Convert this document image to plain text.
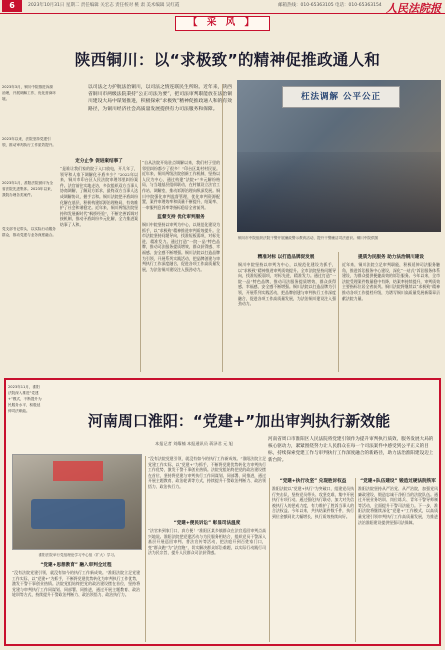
6	2023年10月31日 星期二 责任编辑 关宏志 责任校对 桃 肃 美术编辑 吴红霞	邮箱热线：010-65363105 电话：010-65363154 人民法院报
【 采 风 】
2023年3月，铜川中院推进诉源治理，开展调解工作，优化营商环境。
2023年以来，法院坚持党建引领，推动审判执行工作质效提升。
2023年1月，淮阳法院被评为全省法院先进集体。2023年以来，我院办理各类案件。
党支部书记带头，以实际行动服务群众，推动党建与业务深度融合。
陕西铜川：以“求极致”的精神促推政通人和
以司法之力护航法治铜川，以司法之情连联民生所盼。近年来，陕西省铜川市两级法院秉持“公正司法为要”，把司法审判职能放在法治铜川建设大局中谋划推进，积极探索“求极致”精神促推政通人和的有效路径，为铜川经济社会高质量发展提供有力司法服务和保障。
枉法调解 公平公正
铜川市中院组织法院干警开展廉政警示教育活动，提升干警廉洁司法意识。铜川中院供图
定分止争 促进案结事了
“是谁让我们家的院子入口放电，开几年了，领导和人家下调解化矛盾多少？”2022年以来，铜川市印台区人民法院审理邻里纠纷案件。法官前往实地走访，多次组织双方当事人协商调解，了解双方诉求，最终双方当事人达成调解协议，握手言和。铜川法院把矛盾纠纷化解在基层，积极构建诉源治理格局，有效维护了社会和谐稳定。近年来，铜川两级法院坚持和发展新时代“枫桥经验”，不断完善诉调对接机制，推动矛盾纠纷多元化解，全力推进案结事了人和。
监督支持 优化审判服务
“自从法院开始驻点调解以来，我们村子里的邻里纠纷都少了很多！”印台区某村村民说。近年来，铜川两级法院创新工作机制，坚持以人民为中心，通过构建“法院+”多元解纷格局，与当地基层组织联动，在村镇设立法官工作站、调解室，推动诉源治理向纵深发展。铜川中院强化审判监督管理，优化审判资源配置，案件审理效率和质量不断提升，结案率、一审服判息诉率等指标稳居全省前列。
铜川中院坚持以审判为中心，以规范化建设为抓手，以“求极致”精神推进审判质效提升。全市法院坚持问题导向，找准短板弱项，对标先进，精准发力。通过打造“一院一品”特色品牌，推动司法服务提质增效，群众获得感、幸福感、安全感不断增强。铜川法院以打造品牌为引领，开展系列实践活动，把品牌创建与审判执行工作深度融合，促进各项工作高质量发展，为法治铜川建设注入强劲动力。
精准对标 以打造品牌促发展
铜川中院坚持以审判为中心，以规范化建设为抓手，以“求极致”精神推进审判质效提升。全市法院坚持问题导向，找准短板弱项，对标先进，精准发力。通过打造“一院一品”特色品牌，推动司法服务提质增效，群众获得感、幸福感、安全感不断增强。铜川法院以打造品牌为引领，开展系列实践活动，把品牌创建与审判执行工作深度融合，促进各项工作高质量发展，为法治铜川建设注入强劲动力。
提质为民服务 助力法治铜川建设
近年来，铜川法院立足审判职能，积极延伸司法服务触角，推进诉讼服务中心建设，深化“一站式”诉讼服务体系建设，为群众提供便捷高效的诉讼服务。今年以来，全市法院受理案件数量稳中有降，结案率持续提升，审判质效主要指标位居全省前列。铜川法院将继续以“求极致”精神推动各项工作提档升级，为谱写铜川高质量发展新篇章贡献法院力量。
2023年11月，淮阳法院深入推进“党建+”模式，不断提升为民服务水平，积极延伸司法职能。
河南周口淮阳：“党建+”加出审判执行新效能
本报记者 刘耀楠 本报通讯员 蒋泽君 元 旭
河南省周口市淮阳区人民法院将党建引领作为提升审判执行质效、服务发展大局的核心驱动力，紧紧围绕努力让人民群众在每一个司法案件中感受到公平正义的目标，持续探索党建工作与审判执行工作深度融合的新路径，助力法治淮阳建设迈上新台阶。
淮阳法院举行党组理论学习中心组（扩大）学习。
“党建+思想教育” 融入审判全过程
“没有法院党建引领，就没有如今的执行工作新成效。”淮阳法院立足党建工作实际，以“党建+”为抓手，不断将党建优势转化为审判执行工作优势，激发干警干事创业热情。法院党组始终把党的政治建设摆在首位，坚持将党建与审判执行工作同谋划、同部署、同推进，通过开展主题教育、政治轮训等方式，持续提升干警政治判断力、政治领悟力、政治执行力。
“没有法院党建引领，就没有如今的执行工作新成效。”淮阳法院立足党建工作实际，以“党建+”为抓手，不断将党建优势转化为审判执行工作优势，激发干警干事创业热情。法院党组始终把党的政治建设摆在首位，坚持将党建与审判执行工作同谋划、同部署、同推进，通过开展主题教育、政治轮训等方式，持续提升干警政治判断力、政治领悟力、政治执行力。
“党建+便民诉讼” 彰显司法温度
“法官来到家门口，真方便！”淮阳区某乡镇群众在法官巡回审判点高兴地说。淮阳法院把党建活动与为民服务相结合，组织党员干警深入基层开展巡回审判、普法宣传等活动，把法庭开到百姓家门口，变“群众跑”为“法官跑”，切实解决群众诉讼难题，以实际行动践行司法为民宗旨，提升人民群众司法获得感。
“党建+执行攻坚” 兑现胜诉权益
淮阳法院以“党建+执行”为突破口，组建党员执行突击队，坚持党员带头、攻坚克难，集中开展执行专项行动。通过强化执行联动，加大对失信被执行人的惩戒力度，有力维护了胜诉当事人的合法权益。今年以来，共执结案件数千件，执行到位金额同比大幅增长，执行质效持续向好。
“党建+队伍建设” 锻造过硬法院铁军
淮阳法院坚持从严治党、从严治院，加强党风廉政建设，锻造忠诚干净担当的法院队伍。通过开展业务培训、岗位练兵、青年干警导师制等活动，全面提升干警司法能力。下一步，淮阳法院将继续深化“党建+”工作模式，以高质量党建引领审判执行工作高质量发展，为推进法治淮阳建设提供坚强司法保障。
